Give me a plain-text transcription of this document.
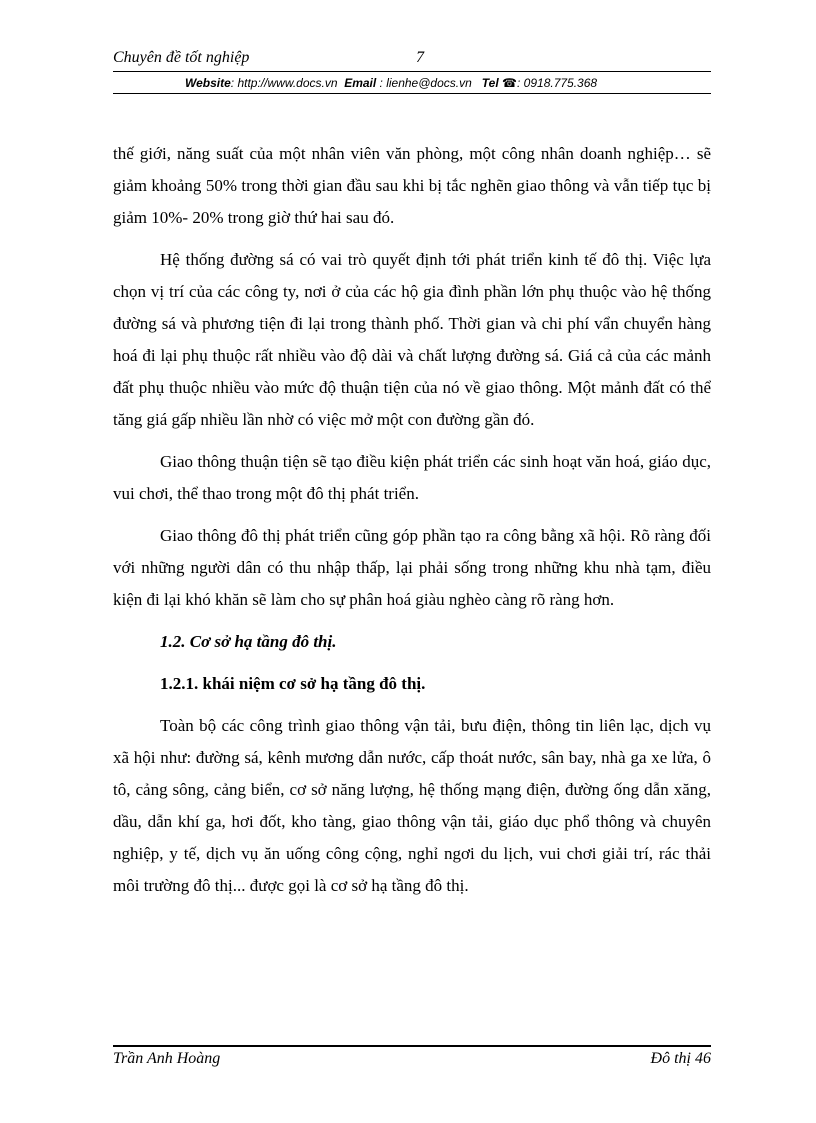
Chuyên đề tốt nghiệp	7
Website: http://www.docs.vn Email : lienhe@docs.vn Tel ☎: 0918.775.368

thế giới, năng suất của một nhân viên văn phòng, một công nhân doanh nghiệp… sẽ giảm khoảng 50% trong thời gian đầu sau khi bị tắc nghẽn giao thông và vẫn tiếp tục bị giảm 10%- 20% trong giờ thứ hai sau đó.

Hệ thống đường sá có vai trò quyết định tới phát triển kinh tế đô thị. Việc lựa chọn vị trí của các công ty, nơi ở của các hộ gia đình phần lớn phụ thuộc vào hệ thống đường sá và phương tiện đi lại trong thành phố. Thời gian và chi phí vẩn chuyển hàng hoá đi lại phụ thuộc rất nhiều vào độ dài và chất lượng đường sá. Giá cả của các mảnh đất phụ thuộc nhiều vào mức độ thuận tiện của nó về giao thông. Một mảnh đất có thể tăng giá gấp nhiều lần nhờ có việc mở một con đường gần đó.

Giao thông thuận tiện sẽ tạo điều kiện phát triển các sinh hoạt văn hoá, giáo dục, vui chơi, thể thao trong một đô thị phát triển.

Giao thông đô thị phát triển cũng góp phần tạo ra công bằng xã hội. Rõ ràng đối với những người dân có thu nhập thấp, lại phải sống trong những khu nhà tạm, điều kiện đi lại khó khăn sẽ làm cho sự phân hoá giàu nghèo càng rõ ràng hơn.

1.2. Cơ sở hạ tầng đô thị.
1.2.1. khái niệm cơ sở hạ tầng đô thị.

Toàn bộ các công trình giao thông vận tải, bưu điện, thông tin liên lạc, dịch vụ xã hội như: đường sá, kênh mương dẫn nước, cấp thoát nước, sân bay, nhà ga xe lửa, ô tô, cảng sông, cảng biển, cơ sở năng lượng, hệ thống mạng điện, đường ống dẫn xăng, dầu, dẫn khí ga, hơi đốt, kho tàng, giao thông vận tải, giáo dục phổ thông và chuyên nghiệp, y tế, dịch vụ ăn uống công cộng, nghỉ ngơi du lịch, vui chơi giải trí, rác thải môi trường đô thị... được gọi là cơ sở hạ tầng đô thị.

Trần Anh Hoàng	Đô thị 46
